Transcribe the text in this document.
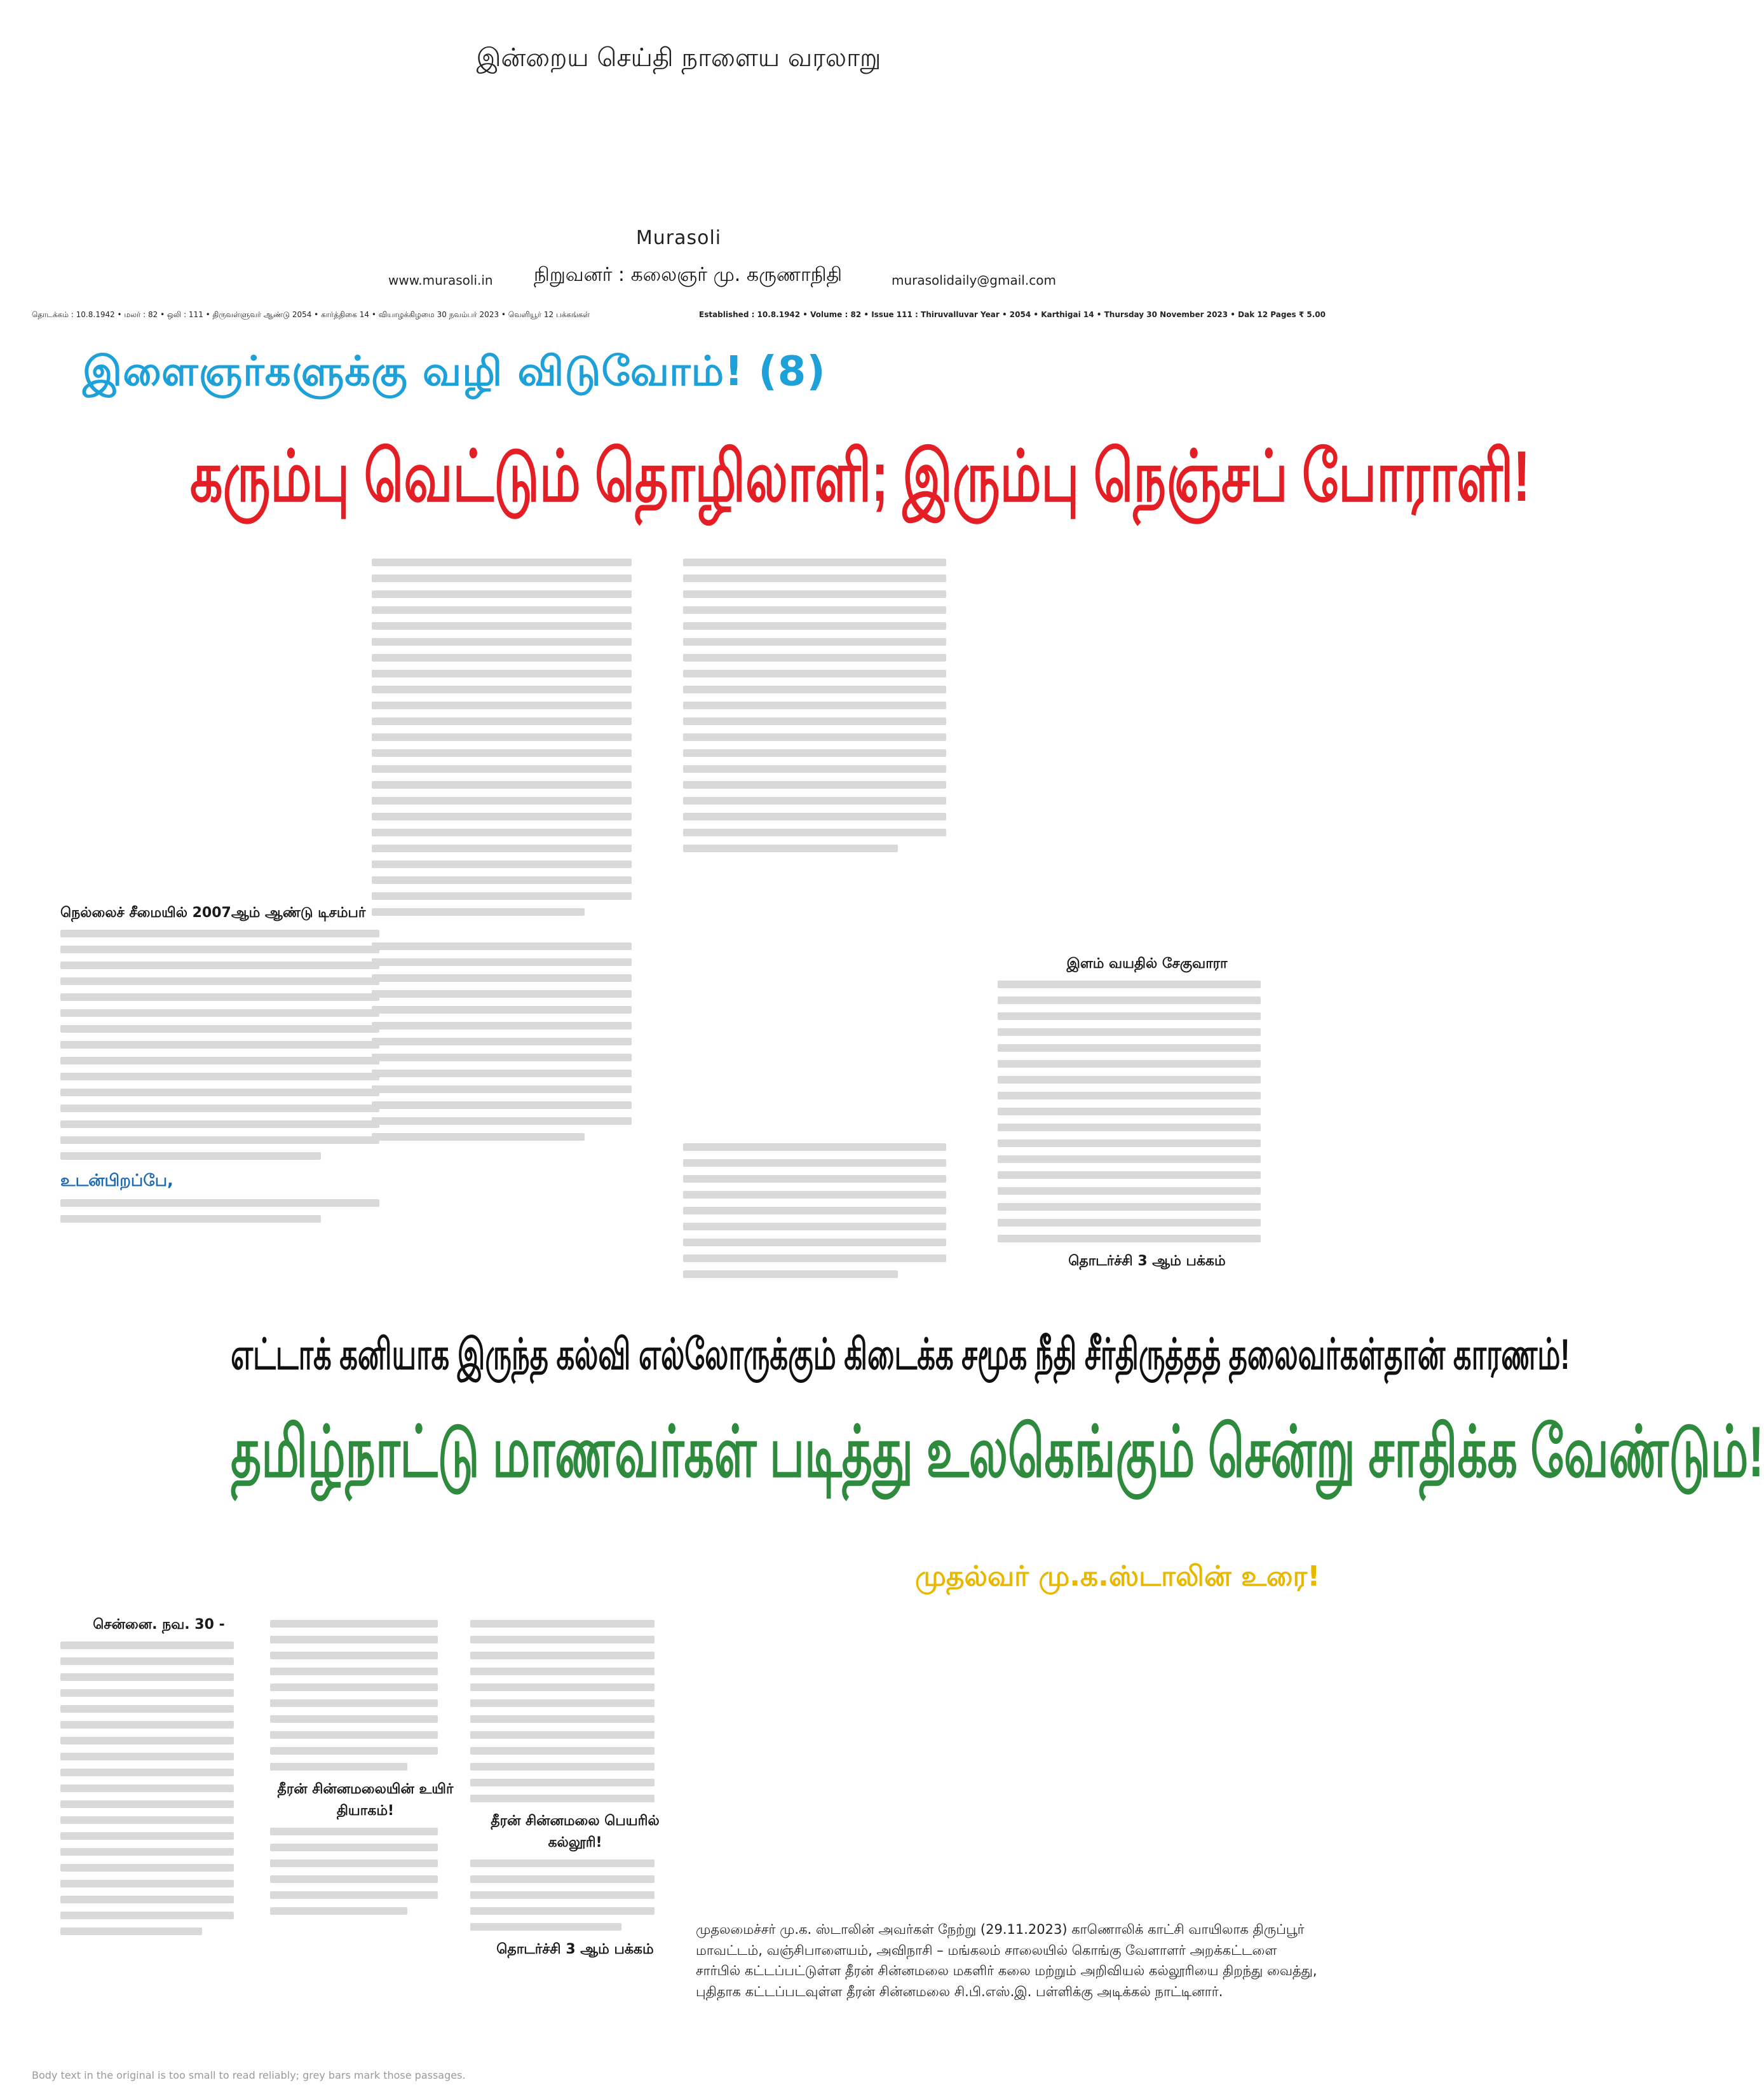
இன்றைய செய்தி நாளைய வரலாறு
Murasoli
www.murasoli.in நிறுவனர் : கலைஞர் மு. கருணாநிதி	murasolidaily@gmail.com
தொடக்கம் : 10.8.1942 • மலர் : 82 • ஒலி : 111 • திருவள்ளுவர் ஆண்டு 2054 • கார்த்திகை 14 • வியாழக்கிழமை 30 நவம்பர் 2023 • வெளியூர் 12 பக்கங்கள்	Established : 10.8.1942 • Volume : 82 • Issue 111 : Thiruvalluvar Year • 2054 • Karthigai 14 • Thursday 30 November 2023 • Dak 12 Pages ₹ 5.00
இளைஞர்களுக்கு வழி விடுவோம்! (8)
கரும்பு வெட்டும் தொழிலாளி; இரும்பு நெஞ்சப் போராளி!
நெல்லைச் சீமையில் 2007ஆம் ஆண்டு டிசம்பர்
உடன்பிறப்பே,
இளம் வயதில் சேகுவாரா
தொடர்ச்சி 3 ஆம் பக்கம்
எட்டாக் கனியாக இருந்த கல்வி எல்லோருக்கும் கிடைக்க சமூக நீதி சீர்திருத்தத் தலைவர்கள்தான் காரணம்!
தமிழ்நாட்டு மாணவர்கள் படித்து உலகெங்கும் சென்று சாதிக்க வேண்டும்!
முதல்வர் மு.க.ஸ்டாலின் உரை!
சென்னை. நவ. 30 -
தீரன் சின்னமலையின் உயிர் தியாகம்!
தீரன் சின்னமலை பெயரில் கல்லூரி!
தொடர்ச்சி 3 ஆம் பக்கம்
முதலமைச்சர் மு.க. ஸ்டாலின் அவர்கள் நேற்று (29.11.2023) காணொலிக் காட்சி வாயிலாக திருப்பூர் மாவட்டம், வஞ்சிபாளையம், அவிநாசி – மங்கலம் சாலையில் கொங்கு வேளாளர் அறக்கட்டளை சார்பில் கட்டப்பட்டுள்ள தீரன் சின்னமலை மகளிர் கலை மற்றும் அறிவியல் கல்லூரியை திறந்து வைத்து, புதிதாக கட்டப்படவுள்ள தீரன் சின்னமலை சி.பி.எஸ்.இ. பள்ளிக்கு அடிக்கல் நாட்டினார்.
Body text in the original is too small to read reliably; grey bars mark those passages.
